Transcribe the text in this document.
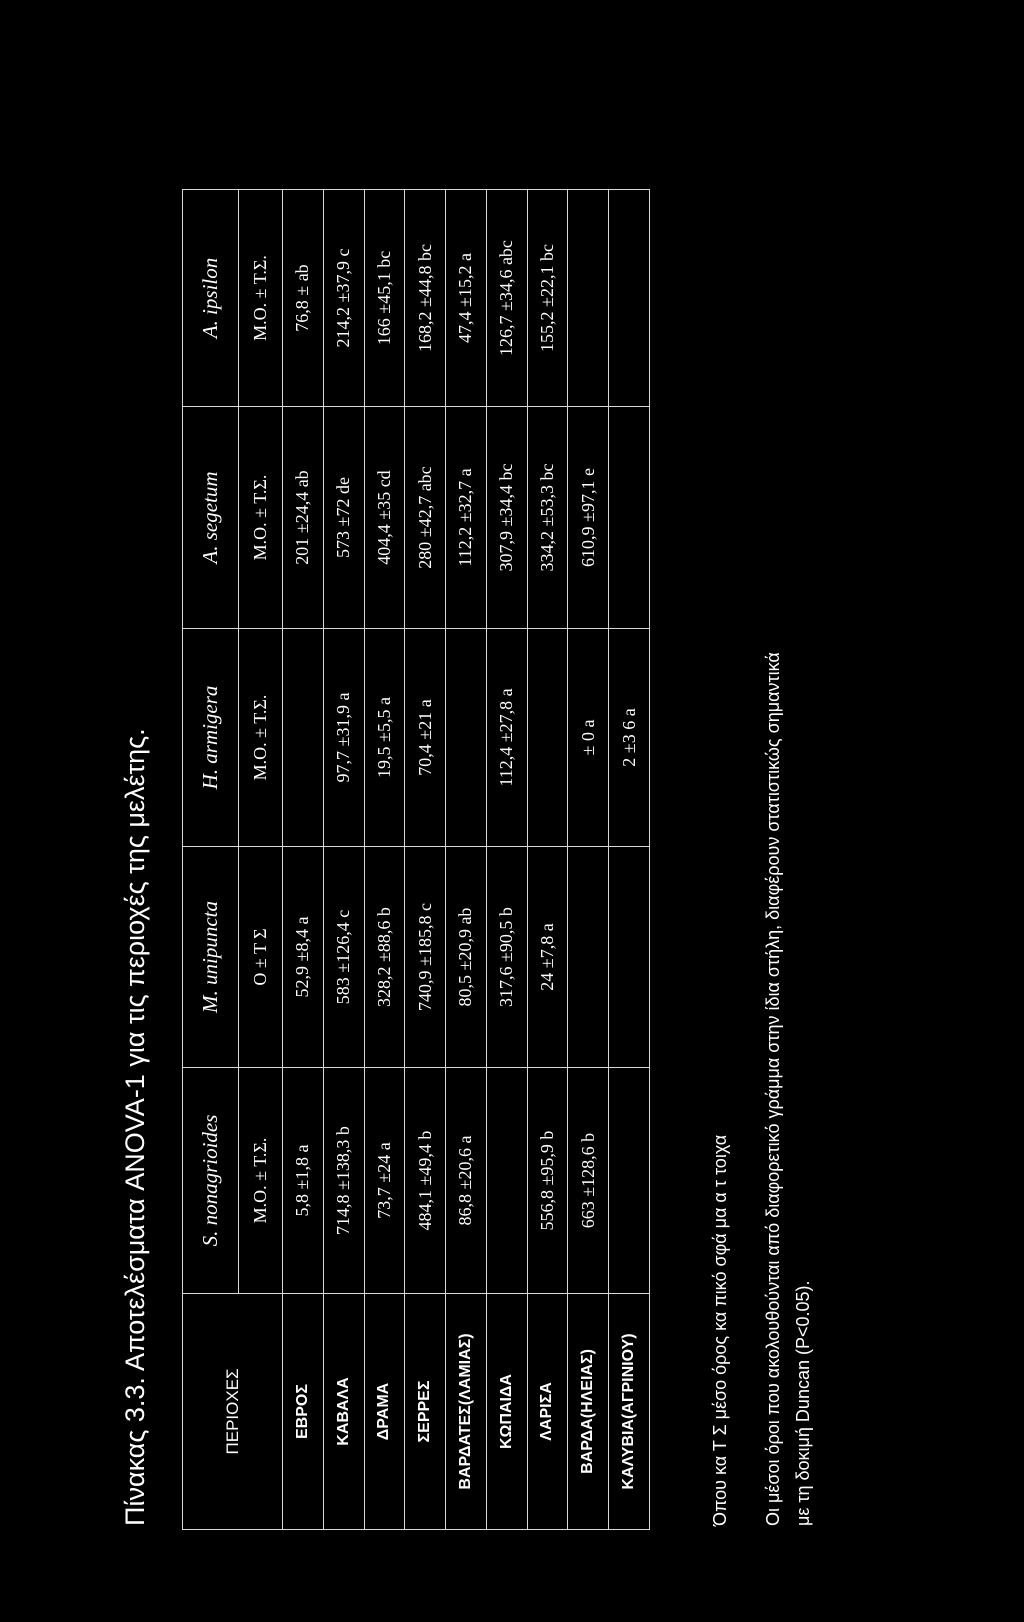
Πίνακας 3.3. Αποτελέσματα ANOVA-1 για τις περιοχές της μελέτης.	ΠΕΡΙΟΧΕΣ	S. nonagrioides	M. unipuncta	H. armigera	A. segetum	A. ipsilon
	Μ.Ο. ± Τ.Σ.	Ο ± Τ Σ	Μ.Ο. ± Τ.Σ.	Μ.Ο. ± Τ.Σ.	Μ.Ο. ± Τ.Σ.
ΕΒΡΟΣ	5,8 ±1,8 a	52,9 ±8,4 a		201 ±24,4 ab	76,8 ± ab
ΚΑΒΑΛΑ	714,8 ±138,3 b	583 ±126,4 c	97,7 ±31,9 a	573 ±72 de	214,2 ±37,9 c
ΔΡΑΜΑ	73,7 ±24 a	328,2 ±88,6 b	19,5 ±5,5 a	404,4 ±35 cd	166 ±45,1 bc
ΣΕΡΡΕΣ	484,1 ±49,4 b	740,9 ±185,8 c	70,4 ±21 a	280 ±42,7 abc	168,2 ±44,8 bc
ΒΑΡΔΑΤΕΣ(ΛΑΜΙΑΣ)	86,8 ±20,6 a	80,5 ±20,9 ab		112,2 ±32,7 a	47,4 ±15,2 a
ΚΩΠΑΙΔΑ		317,6 ±90,5 b	112,4 ±27,8 a	307,9 ±34,4 bc	126,7 ±34,6 abc
ΛΑΡΙΣΑ	556,8 ±95,9 b	24 ±7,8 a		334,2 ±53,3 bc	155,2 ±22,1 bc
ΒΑΡΔΑ(ΗΛΕΙΑΣ)	663 ±128,6 b		± 0 a	610,9 ±97,1 e	
ΚΑΛΥΒΙΑ(ΑΓΡΙΝΙΟΥ)			2 ±3 6 a		
Όπου κα Τ Σ μέσο όρος κα πικό σφά μα α τ τοιχα Οι μέσοι όροι που ακολουθούνται από διαφορετικό γράμμα στην ίδια στήλη, διαφέρουν στατιστικώς σημαντικά με τη δοκιμή Duncan (P<0.05).
